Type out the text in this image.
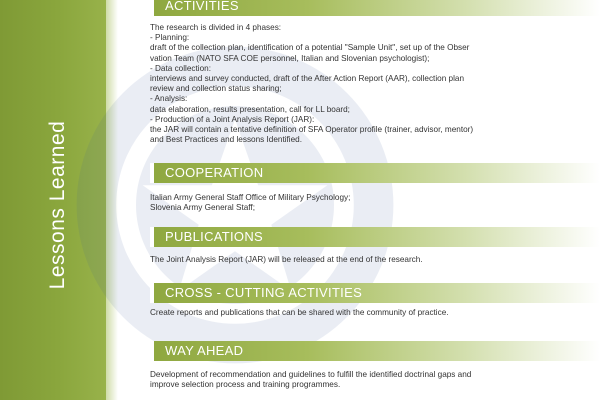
Lessons Learned
ACTIVITIES
The research is divided in 4 phases:
- Planning:
draft of the collection plan, identification of a potential "Sample Unit", set up of the Obser
vation Team (NATO SFA COE personnel, Italian and Slovenian psychologist);
- Data collection:
interviews and survey conducted, draft of the After Action Report (AAR), collection plan
review and collection status sharing;
- Analysis:
data elaboration, results presentation, call for LL board;
- Production of a Joint Analysis Report (JAR):
the JAR will contain a tentative definition of SFA Operator profile (trainer, advisor, mentor)
and Best Practices and lessons Identified.
COOPERATION
Italian Army General Staff Office of Military Psychology;
Slovenia Army General Staff;
PUBLICATIONS
The Joint Analysis Report (JAR) will be released at the end of the research.
CROSS - CUTTING ACTIVITIES
Create reports and publications that can be shared with the community of practice.
WAY AHEAD
Development of recommendation and guidelines to fulfill the identified doctrinal gaps and
improve selection process and training programmes.
